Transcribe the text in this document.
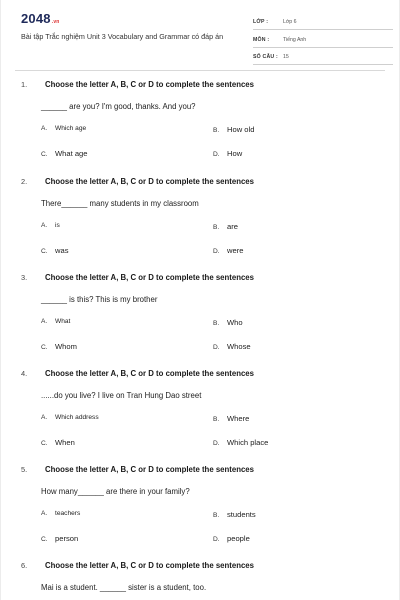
2048.vn
Bài tập Trắc nghiệm Unit 3 Vocabulary and Grammar có đáp án
LỚP :	Lớp 6
MÔN :	Tiếng Anh
SỐ CÂU : 15
1.	Choose the letter A, B, C or D to complete the sentences
______ are you? I'm good, thanks. And you?
A.	Which age	B.	How old
C. What age	D. How
2.	Choose the letter A, B, C or D to complete the sentences
There______ many students in my classroom
A.	is	B.	are
C. was	D. were
3.	Choose the letter A, B, C or D to complete the sentences
______ is this? This is my brother
A.	What	B.	Who
C. Whom	D. Whose
4.	Choose the letter A, B, C or D to complete the sentences
......do you live? I live on Tran Hung Dao street
A.	Which address	B.	Where
C. When	D. Which place
5.	Choose the letter A, B, C or D to complete the sentences
How many______ are there in your family?
A.	teachers	B.	students
C. person	D. people
6.	Choose the letter A, B, C or D to complete the sentences
Mai is a student. ______ sister is a student, too.
